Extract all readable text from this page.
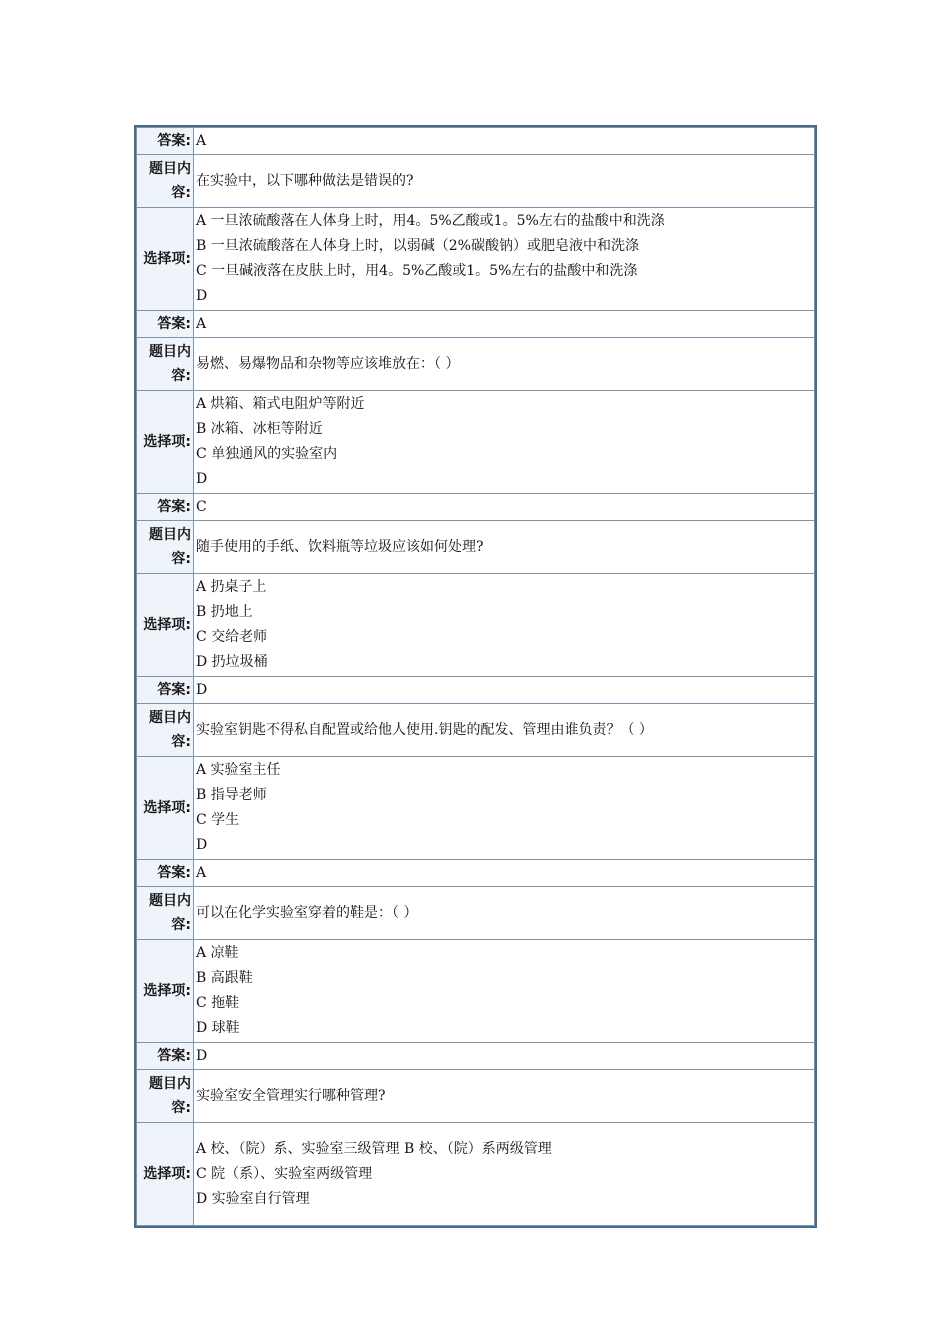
答案:	A
题目内容:	在实验中，以下哪种做法是错误的?
选择项:	A 一旦浓硫酸落在人体身上时，用4。5%乙酸或1。5%左右的盐酸中和洗涤
B 一旦浓硫酸落在人体身上时，以弱碱（2%碳酸钠）或肥皂液中和洗涤
C 一旦碱液落在皮肤上时，用4。5%乙酸或1。5%左右的盐酸中和洗涤
D

答案:	A
题目内容:	易燃、易爆物品和杂物等应该堆放在：（ ）
选择项:	A 烘箱、箱式电阻炉等附近
B 冰箱、冰柜等附近
C 单独通风的实验室内
D

答案:	C
题目内容:	随手使用的手纸、饮料瓶等垃圾应该如何处理?
选择项:	A 扔桌子上
B 扔地上
C 交给老师
D 扔垃圾桶

答案:	D
题目内容:	实验室钥匙不得私自配置或给他人使用.钥匙的配发、管理由谁负责？（ ）
选择项:	A 实验室主任
B 指导老师
C 学生
D

答案:	A
题目内容:	可以在化学实验室穿着的鞋是：（ ）
选择项:	A 凉鞋
B 高跟鞋
C 拖鞋
D 球鞋

答案:	D
题目内容:	实验室安全管理实行哪种管理?
选择项:	A 校、（院）系、实验室三级管理 B 校、（院）系两级管理
C 院（系）、实验室两级管理
D 实验室自行管理
